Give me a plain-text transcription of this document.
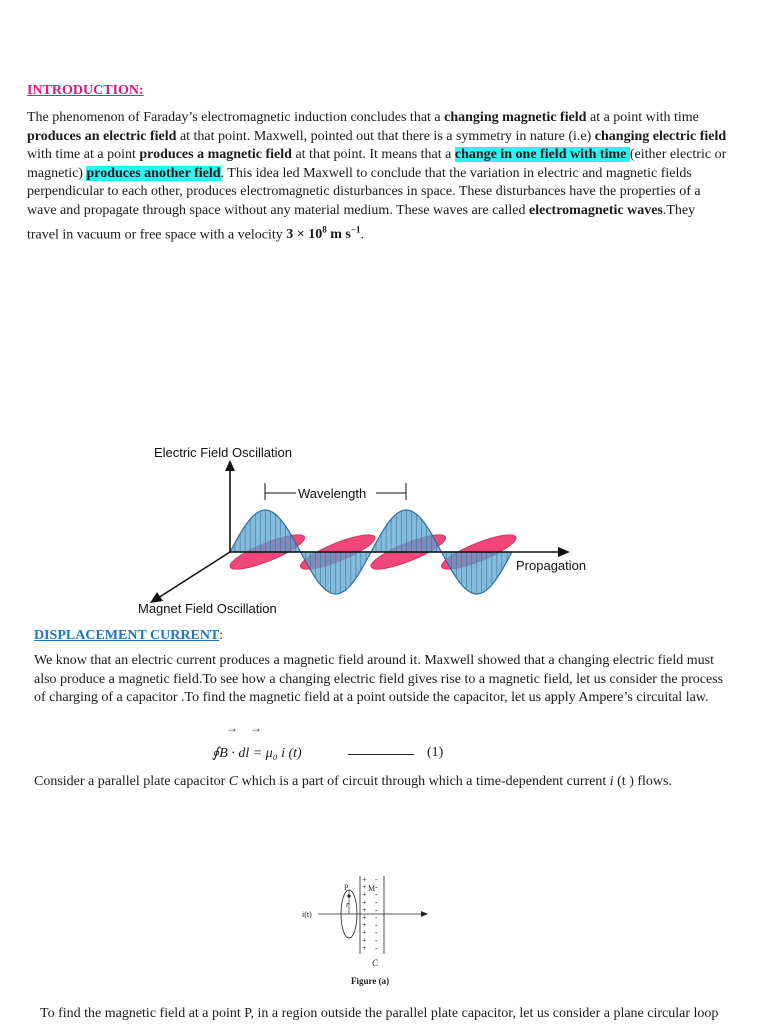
INTRODUCTION:

The phenomenon of Faraday’s electromagnetic induction concludes that a changing magnetic field at a point with time produces an electric field at that point. Maxwell, pointed out that there is a symmetry in nature (i.e) changing electric field with time at a point produces a magnetic field at that point. It means that a change in one field with time (either electric or magnetic) produces another field. This idea led Maxwell to conclude that the variation in electric and magnetic fields perpendicular to each other, produces electromagnetic disturbances in space. These disturbances have the properties of a wave and propagate through space without any material medium. These waves are called electromagnetic waves.They travel in vacuum or free space with a velocity $3 \times 10^8$ m $s^{-1}$.

Wavelength
Electric Field Oscillation
Propagation
Magnet Field Oscillation
DISPLACEMENT CURRENT:

We know that an electric current produces a magnetic field around it. Maxwell showed that a changing electric field must also produce a magnetic field.To see how a changing electric field gives rise to a magnetic field, let us consider the process of charging of a capacitor .To find the magnetic field at a point outside the capacitor, let us apply Ampere’s circuital law.

→ →
∮B ∙ dl = μ₀ i (t)	(1)

Consider a parallel plate capacitor C which is a part of circuit through which a time-dependent current i (t ) flows.

+ -
+ -
+ -
+ -
+ -
+ -
+ -
+ -
+ -
+ -
i(t)
P
r
M
C
Figure (a)

To find the magnetic field at a point P, in a region outside the parallel plate capacitor, let us consider a plane circular loop
